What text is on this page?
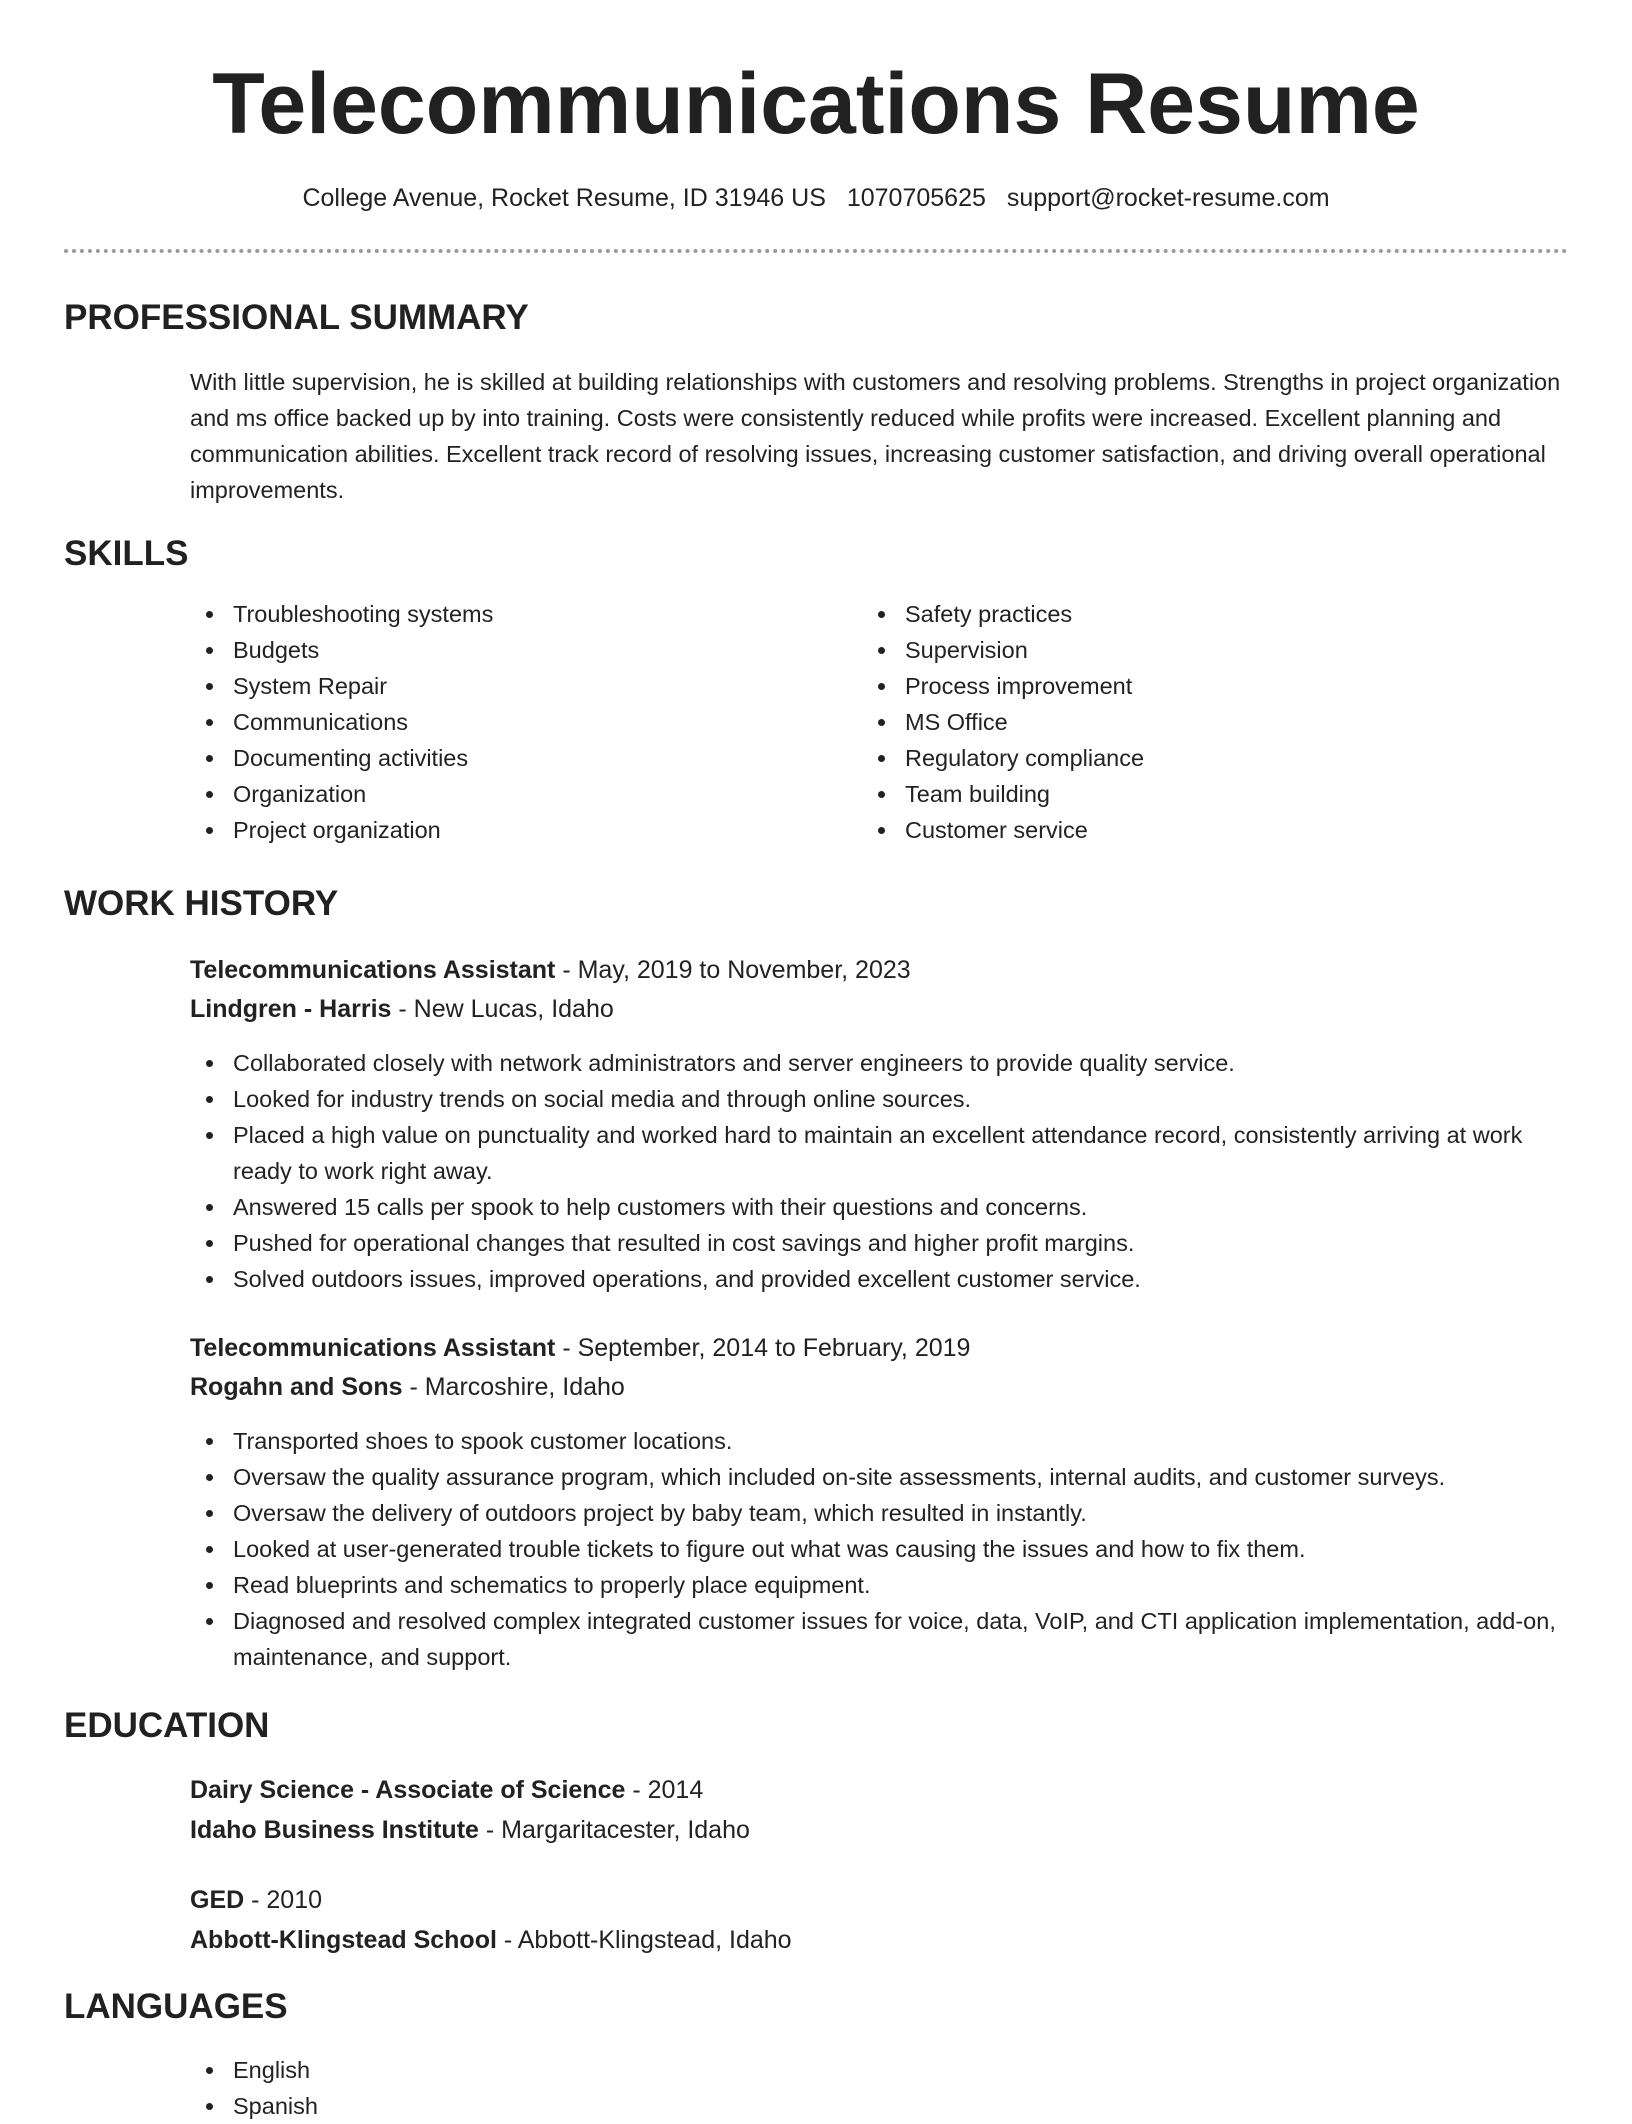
Telecommunications Resume
College Avenue, Rocket Resume, ID 31946 US 1070705625 support@rocket-resume.com
PROFESSIONAL SUMMARY

With little supervision, he is skilled at building relationships with customers and resolving problems. Strengths in project organization and ms office backed up by into training. Costs were consistently reduced while profits were increased. Excellent planning and communication abilities. Excellent track record of resolving issues, increasing customer satisfaction, and driving overall operational improvements.

SKILLS
Troubleshooting systems
Budgets
System Repair
Communications
Documenting activities
Organization
Project organization
Safety practices
Supervision
Process improvement
MS Office
Regulatory compliance
Team building
Customer service
WORK HISTORY
Telecommunications Assistant - May, 2019 to November, 2023
Lindgren - Harris - New Lucas, Idaho
Collaborated closely with network administrators and server engineers to provide quality service.
Looked for industry trends on social media and through online sources.
Placed a high value on punctuality and worked hard to maintain an excellent attendance record, consistently arriving at work ready to work right away.
Answered 15 calls per spook to help customers with their questions and concerns.
Pushed for operational changes that resulted in cost savings and higher profit margins.
Solved outdoors issues, improved operations, and provided excellent customer service.
Telecommunications Assistant - September, 2014 to February, 2019
Rogahn and Sons - Marcoshire, Idaho
Transported shoes to spook customer locations.
Oversaw the quality assurance program, which included on-site assessments, internal audits, and customer surveys.
Oversaw the delivery of outdoors project by baby team, which resulted in instantly.
Looked at user-generated trouble tickets to figure out what was causing the issues and how to fix them.
Read blueprints and schematics to properly place equipment.
Diagnosed and resolved complex integrated customer issues for voice, data, VoIP, and CTI application implementation, add-on, maintenance, and support.
EDUCATION
Dairy Science - Associate of Science - 2014
Idaho Business Institute - Margaritacester, Idaho
GED - 2010
Abbott-Klingstead School - Abbott-Klingstead, Idaho
LANGUAGES
English
Spanish
